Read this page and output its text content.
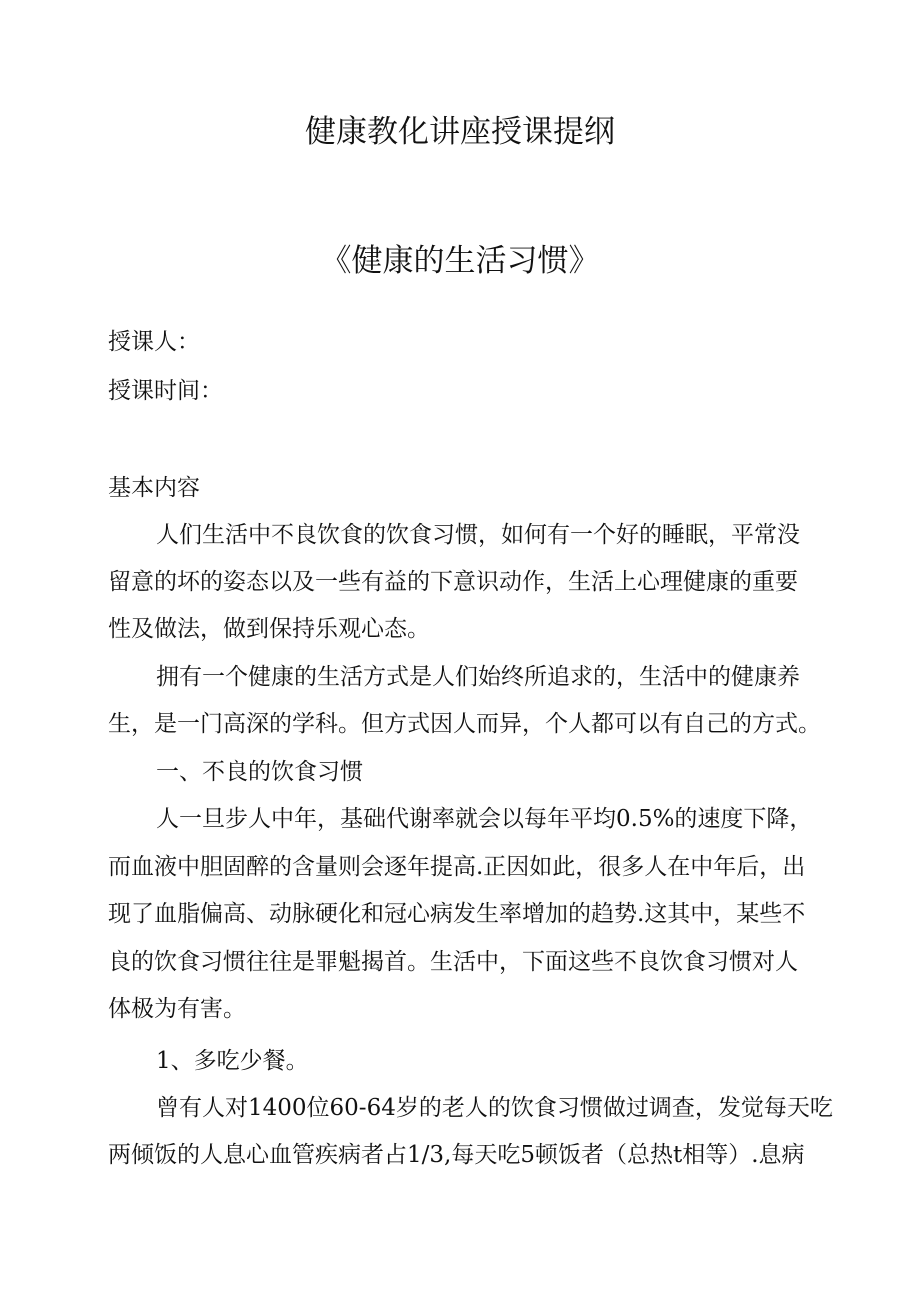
健康教化讲座授课提纲
《健康的生活习惯》
授课人：
授课时间：
基本内容
人们生活中不良饮食的饮食习惯，如何有一个好的睡眠，平常没
留意的坏的姿态以及一些有益的下意识动作，生活上心理健康的重要
性及做法，做到保持乐观心态。
拥有一个健康的生活方式是人们始终所追求的，生活中的健康养
生，是一门高深的学科。但方式因人而异，个人都可以有自己的方式。
一、不良的饮食习惯
人一旦步人中年，基础代谢率就会以每年平均0.5%的速度下降，
而血液中胆固醉的含量则会逐年提高.正因如此，很多人在中年后，出
现了血脂偏高、动脉硬化和冠心病发生率增加的趋势.这其中，某些不
良的饮食习惯往往是罪魁揭首。生活中，下面这些不良饮食习惯对人
体极为有害。
1、多吃少餐。
曾有人对1400位60-64岁的老人的饮食习惯做过调查，发觉每天吃
两倾饭的人息心血管疾病者占1/3,每天吃5顿饭者（总热t相等）.息病
